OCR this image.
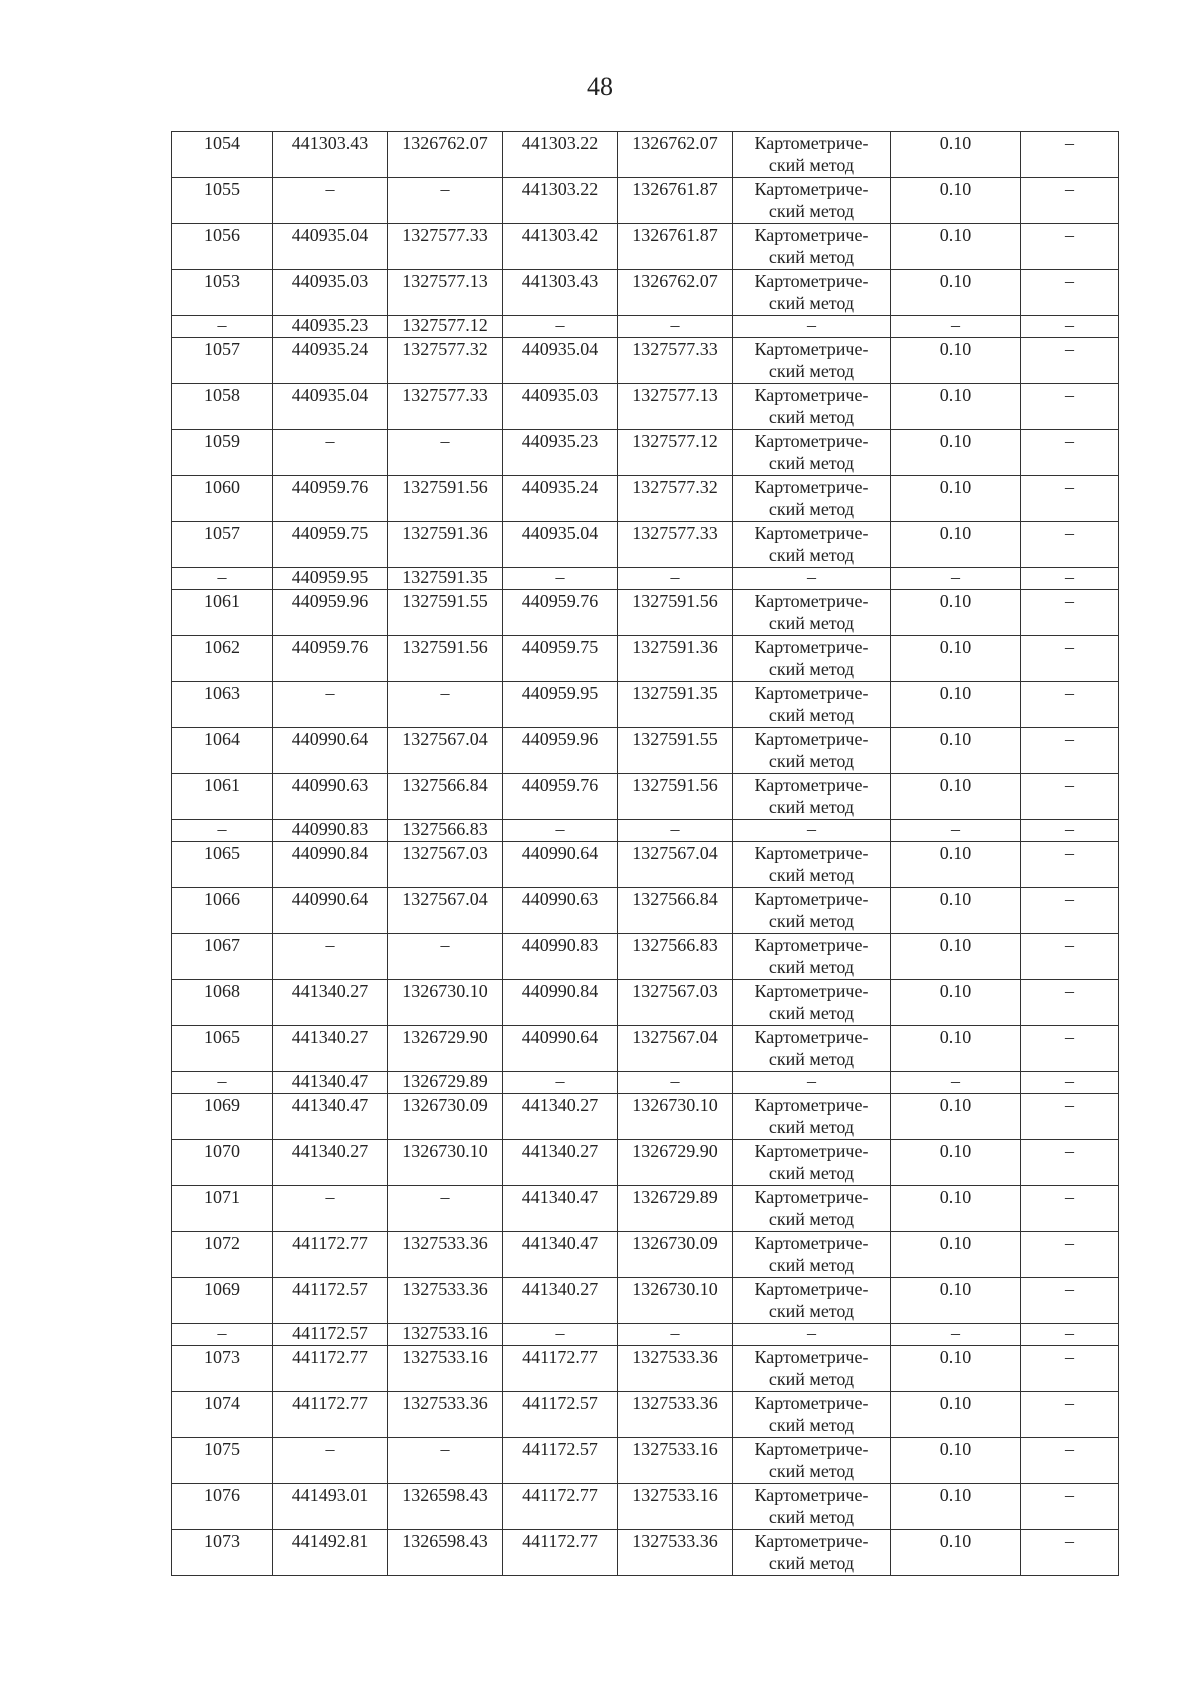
48
1054	441303.43	1326762.07	441303.22	1326762.07	Картометриче-
ский метод	0.10	–
1055	–	–	441303.22	1326761.87	Картометриче-
ский метод	0.10	–
1056	440935.04	1327577.33	441303.42	1326761.87	Картометриче-
ский метод	0.10	–
1053	440935.03	1327577.13	441303.43	1326762.07	Картометриче-
ский метод	0.10	–
–	440935.23	1327577.12	–	–	–	–	–
1057	440935.24	1327577.32	440935.04	1327577.33	Картометриче-
ский метод	0.10	–
1058	440935.04	1327577.33	440935.03	1327577.13	Картометриче-
ский метод	0.10	–
1059	–	–	440935.23	1327577.12	Картометриче-
ский метод	0.10	–
1060	440959.76	1327591.56	440935.24	1327577.32	Картометриче-
ский метод	0.10	–
1057	440959.75	1327591.36	440935.04	1327577.33	Картометриче-
ский метод	0.10	–
–	440959.95	1327591.35	–	–	–	–	–
1061	440959.96	1327591.55	440959.76	1327591.56	Картометриче-
ский метод	0.10	–
1062	440959.76	1327591.56	440959.75	1327591.36	Картометриче-
ский метод	0.10	–
1063	–	–	440959.95	1327591.35	Картометриче-
ский метод	0.10	–
1064	440990.64	1327567.04	440959.96	1327591.55	Картометриче-
ский метод	0.10	–
1061	440990.63	1327566.84	440959.76	1327591.56	Картометриче-
ский метод	0.10	–
–	440990.83	1327566.83	–	–	–	–	–
1065	440990.84	1327567.03	440990.64	1327567.04	Картометриче-
ский метод	0.10	–
1066	440990.64	1327567.04	440990.63	1327566.84	Картометриче-
ский метод	0.10	–
1067	–	–	440990.83	1327566.83	Картометриче-
ский метод	0.10	–
1068	441340.27	1326730.10	440990.84	1327567.03	Картометриче-
ский метод	0.10	–
1065	441340.27	1326729.90	440990.64	1327567.04	Картометриче-
ский метод	0.10	–
–	441340.47	1326729.89	–	–	–	–	–
1069	441340.47	1326730.09	441340.27	1326730.10	Картометриче-
ский метод	0.10	–
1070	441340.27	1326730.10	441340.27	1326729.90	Картометриче-
ский метод	0.10	–
1071	–	–	441340.47	1326729.89	Картометриче-
ский метод	0.10	–
1072	441172.77	1327533.36	441340.47	1326730.09	Картометриче-
ский метод	0.10	–
1069	441172.57	1327533.36	441340.27	1326730.10	Картометриче-
ский метод	0.10	–
–	441172.57	1327533.16	–	–	–	–	–
1073	441172.77	1327533.16	441172.77	1327533.36	Картометриче-
ский метод	0.10	–
1074	441172.77	1327533.36	441172.57	1327533.36	Картометриче-
ский метод	0.10	–
1075	–	–	441172.57	1327533.16	Картометриче-
ский метод	0.10	–
1076	441493.01	1326598.43	441172.77	1327533.16	Картометриче-
ский метод	0.10	–
1073	441492.81	1326598.43	441172.77	1327533.36	Картометриче-
ский метод	0.10	–
